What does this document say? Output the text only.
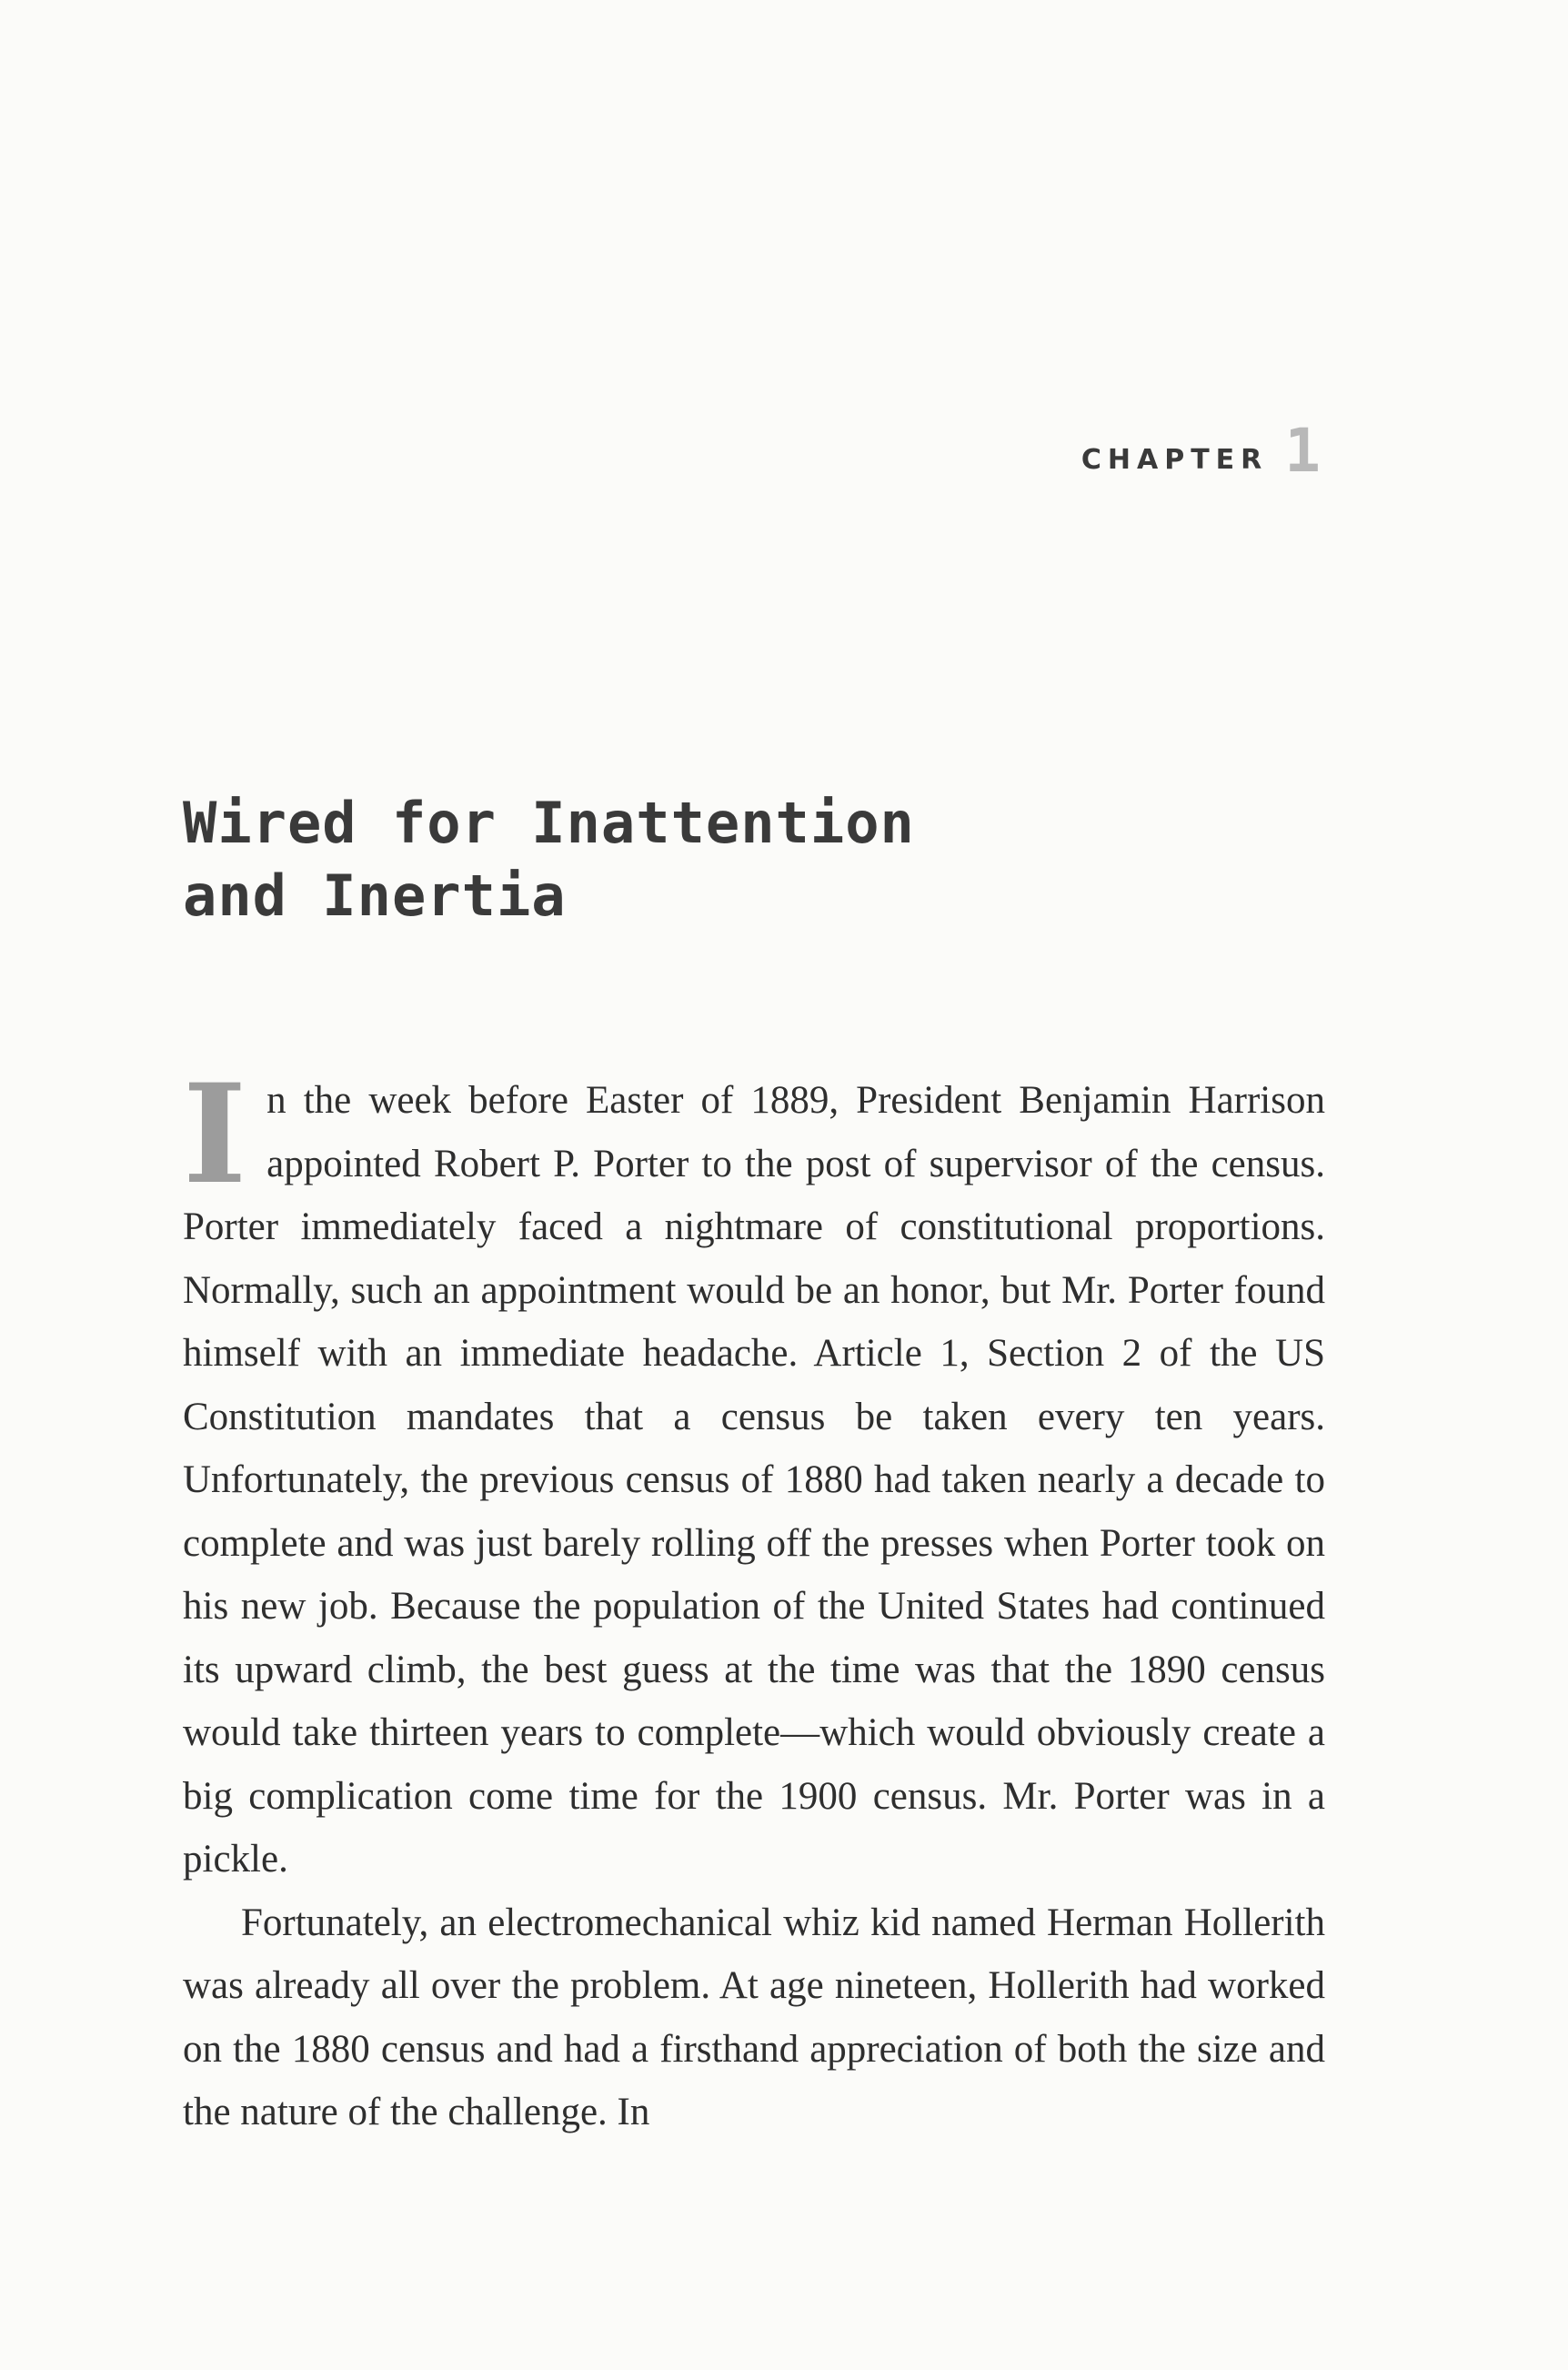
CHAPTER 1
Wired for Inattention
and Inertia

In the week before Easter of 1889, President Benjamin Harrison appointed Robert P. Porter to the post of supervisor of the census. Porter immediately faced a nightmare of constitutional proportions. Normally, such an appointment would be an honor, but Mr. Porter found himself with an immediate headache. Article 1, Section 2 of the US Constitution mandates that a census be taken every ten years. Unfortunately, the previous census of 1880 had taken nearly a decade to complete and was just barely rolling off the presses when Porter took on his new job. Because the population of the United States had continued its upward climb, the best guess at the time was that the 1890 census would take thirteen years to complete—which would obviously create a big complication come time for the 1900 census. Mr. Porter was in a pickle.

Fortunately, an electromechanical whiz kid named Herman Hollerith was already all over the problem. At age nineteen, Hollerith had worked on the 1880 census and had a firsthand appreciation of both the size and the nature of the challenge. In
